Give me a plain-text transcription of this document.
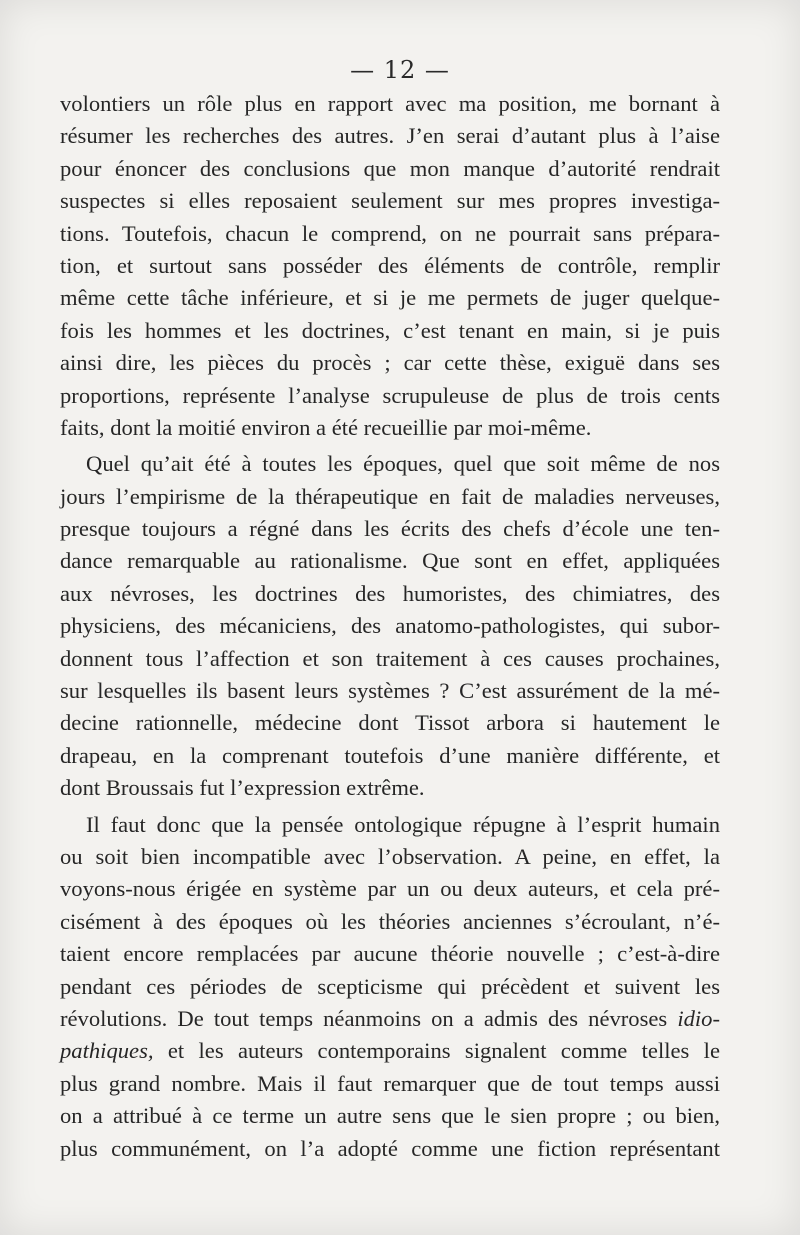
— 12 —
volontiers un rôle plus en rapport avec ma position, me bornant à
résumer les recherches des autres. J’en serai d’autant plus à l’aise
pour énoncer des conclusions que mon manque d’autorité rendrait
suspectes si elles reposaient seulement sur mes propres investiga-
tions. Toutefois, chacun le comprend, on ne pourrait sans prépara-
tion, et surtout sans posséder des éléments de contrôle, remplir
même cette tâche inférieure, et si je me permets de juger quelque-
fois les hommes et les doctrines, c’est tenant en main, si je puis
ainsi dire, les pièces du procès ; car cette thèse, exiguë dans ses
proportions, représente l’analyse scrupuleuse de plus de trois cents
faits, dont la moitié environ a été recueillie par moi-même.
Quel qu’ait été à toutes les époques, quel que soit même de nos
jours l’empirisme de la thérapeutique en fait de maladies nerveuses,
presque toujours a régné dans les écrits des chefs d’école une ten-
dance remarquable au rationalisme. Que sont en effet, appliquées
aux névroses, les doctrines des humoristes, des chimiatres, des
physiciens, des mécaniciens, des anatomo-pathologistes, qui subor-
donnent tous l’affection et son traitement à ces causes prochaines,
sur lesquelles ils basent leurs systèmes ? C’est assurément de la mé-
decine rationnelle, médecine dont Tissot arbora si hautement le
drapeau, en la comprenant toutefois d’une manière différente, et
dont Broussais fut l’expression extrême.
Il faut donc que la pensée ontologique répugne à l’esprit humain
ou soit bien incompatible avec l’observation. A peine, en effet, la
voyons-nous érigée en système par un ou deux auteurs, et cela pré-
cisément à des époques où les théories anciennes s’écroulant, n’é-
taient encore remplacées par aucune théorie nouvelle ; c’est-à-dire
pendant ces périodes de scepticisme qui précèdent et suivent les
révolutions. De tout temps néanmoins on a admis des névroses idio-
pathiques, et les auteurs contemporains signalent comme telles le
plus grand nombre. Mais il faut remarquer que de tout temps aussi
on a attribué à ce terme un autre sens que le sien propre ; ou bien,
plus communément, on l’a adopté comme une fiction représentant
